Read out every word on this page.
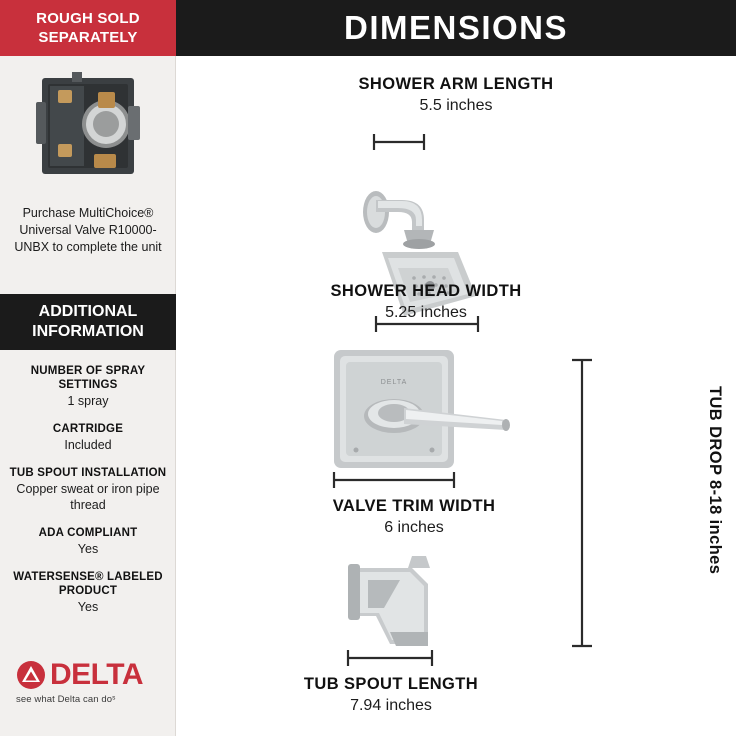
ROUGH SOLD
SEPARATELY
Purchase MultiChoice® Universal Valve R10000-UNBX to complete the unit
ADDITIONAL
INFORMATION
NUMBER OF SPRAY SETTINGS
1 spray
CARTRIDGE
Included
TUB SPOUT INSTALLATION
Copper sweat or iron pipe thread
ADA COMPLIANT
Yes
WATERSENSE® LABELED PRODUCT
Yes
DELTA
see what Delta can doˢ
DIMENSIONS
SHOWER ARM LENGTH
5.5 inches
SHOWER HEAD WIDTH
5.25 inches
DELTA
VALVE TRIM WIDTH
6 inches
TUB SPOUT LENGTH
7.94 inches
TUB DROP 8-18 inches
